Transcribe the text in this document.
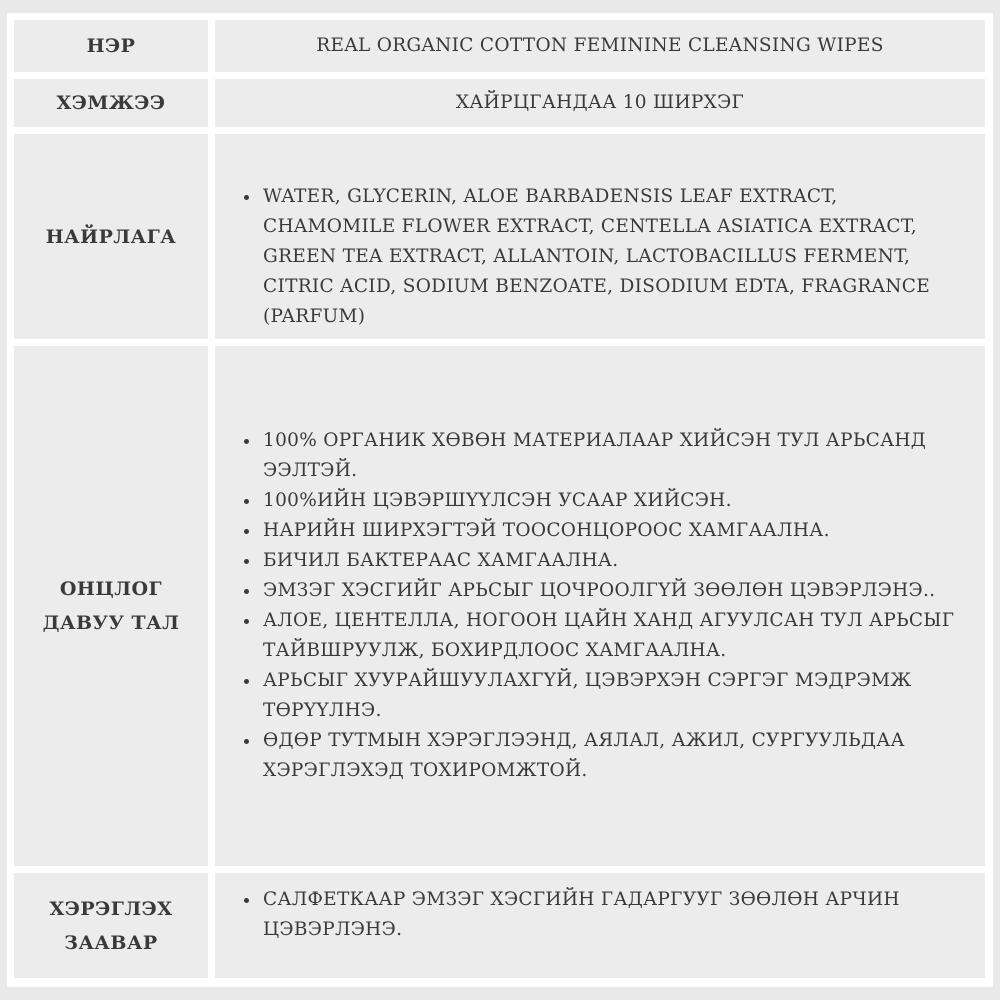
НЭР	REAL ORGANIC COTTON FEMININE CLEANSING WIPES
ХЭМЖЭЭ	ХАЙРЦГАНДАА 10 ШИРХЭГ
НАЙРЛАГА
• WATER, GLYCERIN, ALOE BARBADENSIS LEAF EXTRACT, CHAMOMILE FLOWER EXTRACT, CENTELLA ASIATICA EXTRACT, GREEN TEA EXTRACT, ALLANTOIN, LACTOBACILLUS FERMENT, CITRIC ACID, SODIUM BENZOATE, DISODIUM EDTA, FRAGRANCE (PARFUM)
ОНЦЛОГ ДАВУУ ТАЛ
• 100% ОРГАНИК ХӨВӨН МАТЕРИАЛААР ХИЙСЭН ТУЛ АРЬСАНД ЭЭЛТЭЙ.
• 100%ИЙН ЦЭВЭРШҮҮЛСЭН УСААР ХИЙСЭН.
• НАРИЙН ШИРХЭГТЭЙ ТООСОНЦОРООС ХАМГААЛНА.
• БИЧИЛ БАКТЕРААС ХАМГААЛНА.
• ЭМЗЭГ ХЭСГИЙГ АРЬСЫГ ЦОЧРООЛГҮЙ ЗӨӨЛӨН ЦЭВЭРЛЭНЭ..
• АЛОЕ, ЦЕНТЕЛЛА, НОГООН ЦАЙН ХАНД АГУУЛСАН ТУЛ АРЬСЫГ ТАЙВШРУУЛЖ, БОХИРДЛООС ХАМГААЛНА.
• АРЬСЫГ ХУУРАЙШУУЛАХГҮЙ, ЦЭВЭРХЭН СЭРГЭГ МЭДРЭМЖ ТӨРҮҮЛНЭ.
• ӨДӨР ТУТМЫН ХЭРЭГЛЭЭНД, АЯЛАЛ, АЖИЛ, СУРГУУЛЬДАА ХЭРЭГЛЭХЭД ТОХИРОМЖТОЙ.
ХЭРЭГЛЭХ ЗААВАР
• САЛФЕТКААР ЭМЗЭГ ХЭСГИЙН ГАДАРГУУГ ЗӨӨЛӨН АРЧИН ЦЭВЭРЛЭНЭ.
